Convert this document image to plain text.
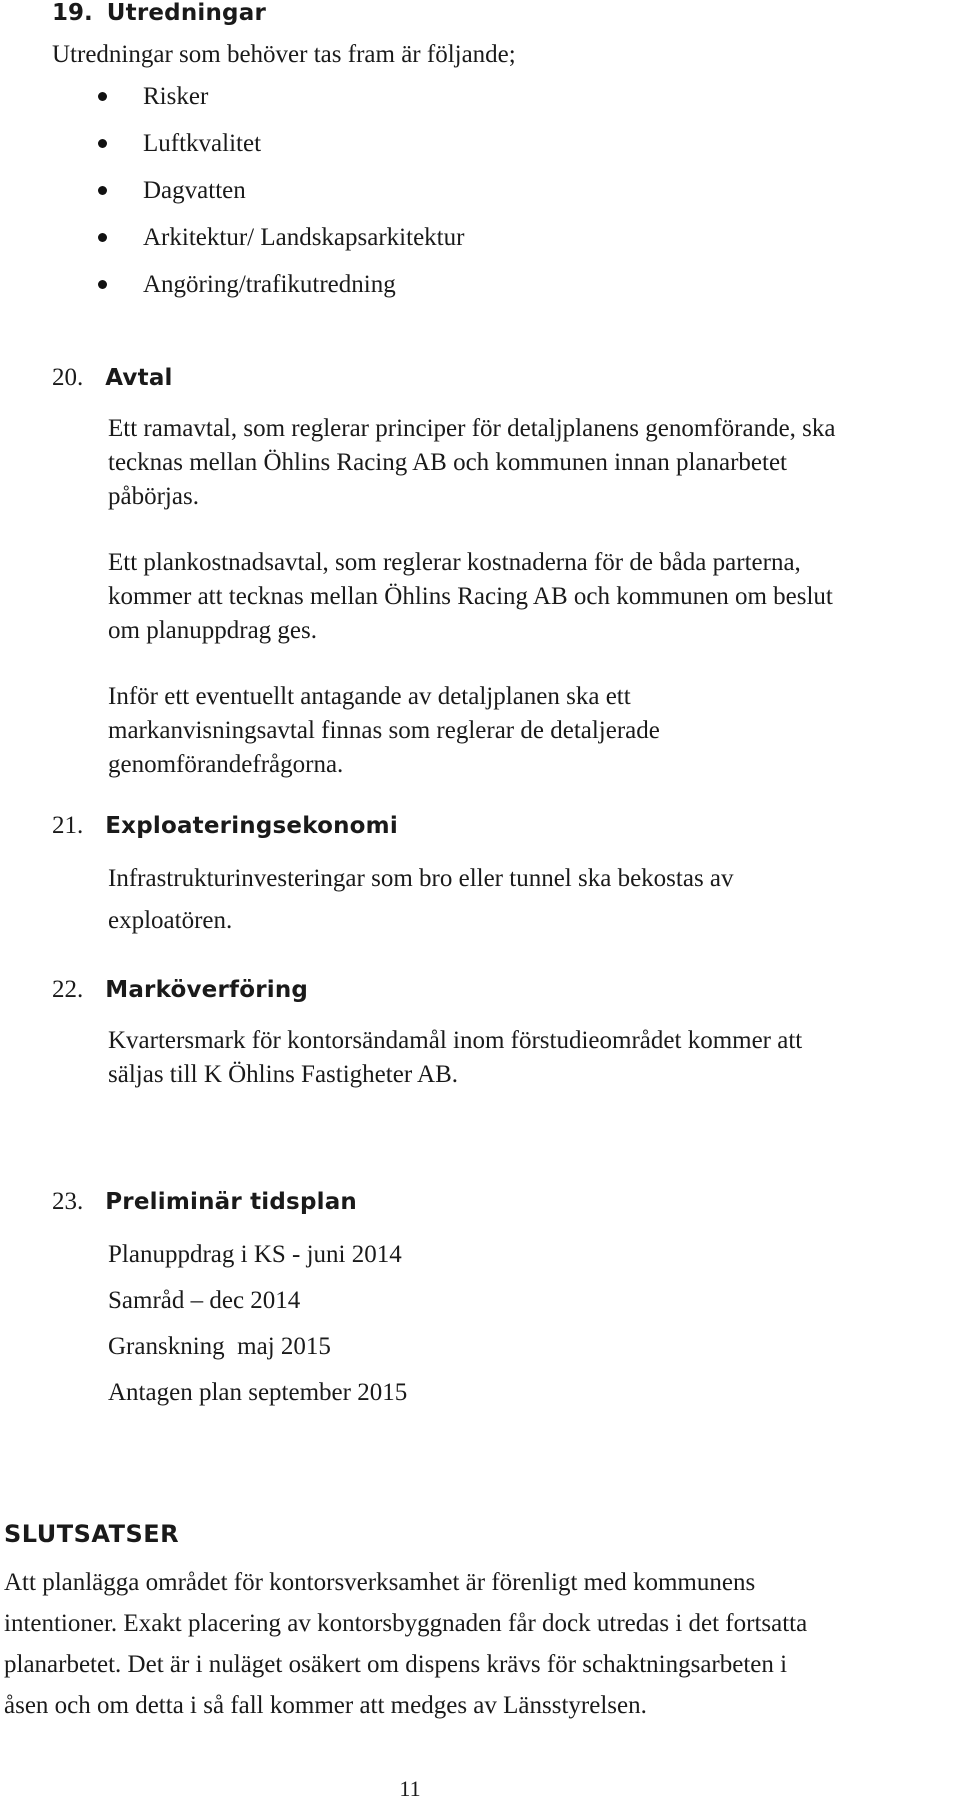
19. Utredningar

Utredningar som behöver tas fram är följande;

Risker
Luftkvalitet
Dagvatten
Arkitektur/ Landskapsarkitektur
Angöring/trafikutredning
20. Avtal

Ett ramavtal, som reglerar principer för detaljplanens genomförande, ska

tecknas mellan Öhlins Racing AB och kommunen innan planarbetet

påbörjas.

Ett plankostnadsavtal, som reglerar kostnaderna för de båda parterna,

kommer att tecknas mellan Öhlins Racing AB och kommunen om beslut

om planuppdrag ges.

Inför ett eventuellt antagande av detaljplanen ska ett

markanvisningsavtal finnas som reglerar de detaljerade

genomförandefrågorna.

21. Exploateringsekonomi

Infrastrukturinvesteringar som bro eller tunnel ska bekostas av

exploatören.

22. Marköverföring

Kvartersmark för kontorsändamål inom förstudieområdet kommer att

säljas till K Öhlins Fastigheter AB.

23. Preliminär tidsplan
Planuppdrag i KS - juni 2014
Samråd – dec 2014
Granskning  maj 2015
Antagen plan september 2015
SLUTSATSER

Att planlägga området för kontorsverksamhet är förenligt med kommunens

intentioner. Exakt placering av kontorsbyggnaden får dock utredas i det fortsatta

planarbetet. Det är i nuläget osäkert om dispens krävs för schaktningsarbeten i

åsen och om detta i så fall kommer att medges av Länsstyrelsen.

11
